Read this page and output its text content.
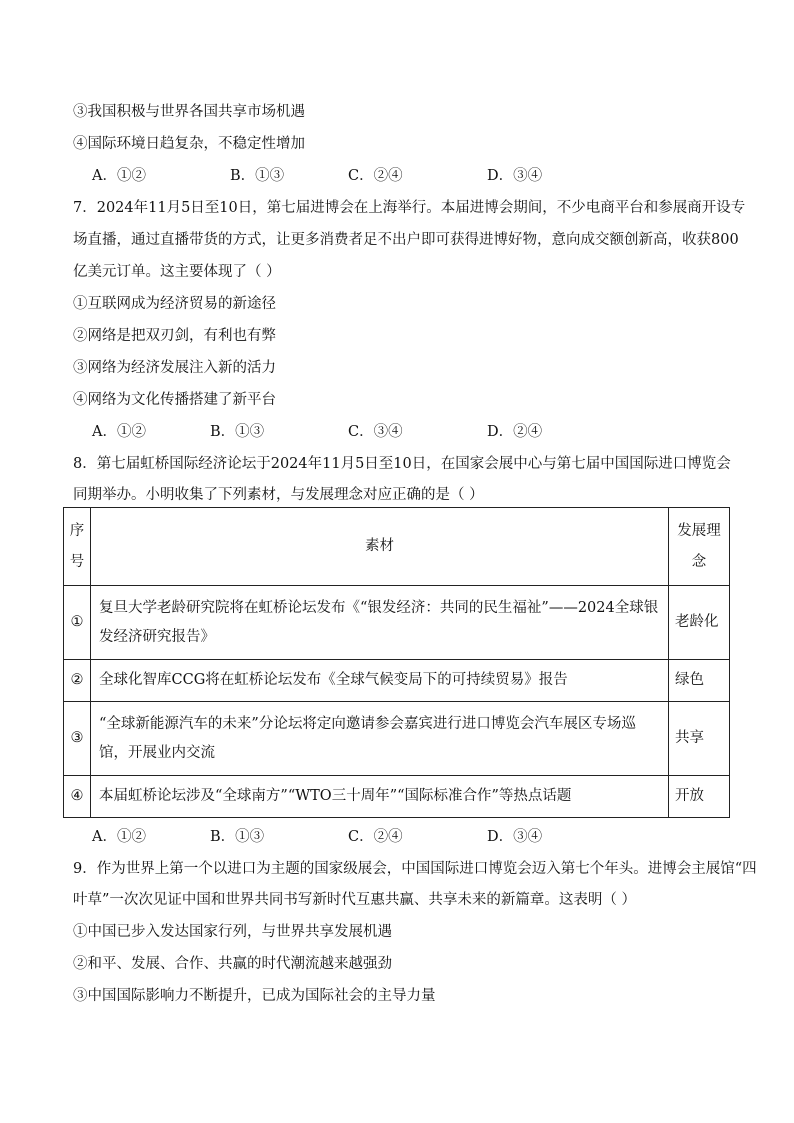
③我国积极与世界各国共享市场机遇
④国际环境日趋复杂，不稳定性增加
A．①②	B．①③	C．②④	D．③④
7．2024年11月5日至10日，第七届进博会在上海举行。本届进博会期间，不少电商平台和参展商开设专
场直播，通过直播带货的方式，让更多消费者足不出户即可获得进博好物，意向成交额创新高，收获800
亿美元订单。这主要体现了（ ）
①互联网成为经济贸易的新途径
②网络是把双刃剑，有利也有弊
③网络为经济发展注入新的活力
④网络为文化传播搭建了新平台
A．①②	B．①③	C．③④	D．②④
8．第七届虹桥国际经济论坛于2024年11月5日至10日，在国家会展中心与第七届中国国际进口博览会
同期举办。小明收集了下列素材，与发展理念对应正确的是（ ）
序号	素材	发展理念
①	复旦大学老龄研究院将在虹桥论坛发布《“银发经济：共同的民生福祉”——2024全球银发经济研究报告》	老龄化
②	全球化智库CCG将在虹桥论坛发布《全球气候变局下的可持续贸易》报告	绿色
③	“全球新能源汽车的未来”分论坛将定向邀请参会嘉宾进行进口博览会汽车展区专场巡馆，开展业内交流	共享
④	本届虹桥论坛涉及“全球南方”“WTO三十周年”“国际标准合作”等热点话题	开放
A．①②	B．①③	C．②④	D．③④
9．作为世界上第一个以进口为主题的国家级展会，中国国际进口博览会迈入第七个年头。进博会主展馆“四
叶草”一次次见证中国和世界共同书写新时代互惠共赢、共享未来的新篇章。这表明（ ）
①中国已步入发达国家行列，与世界共享发展机遇
②和平、发展、合作、共赢的时代潮流越来越强劲
③中国国际影响力不断提升，已成为国际社会的主导力量
